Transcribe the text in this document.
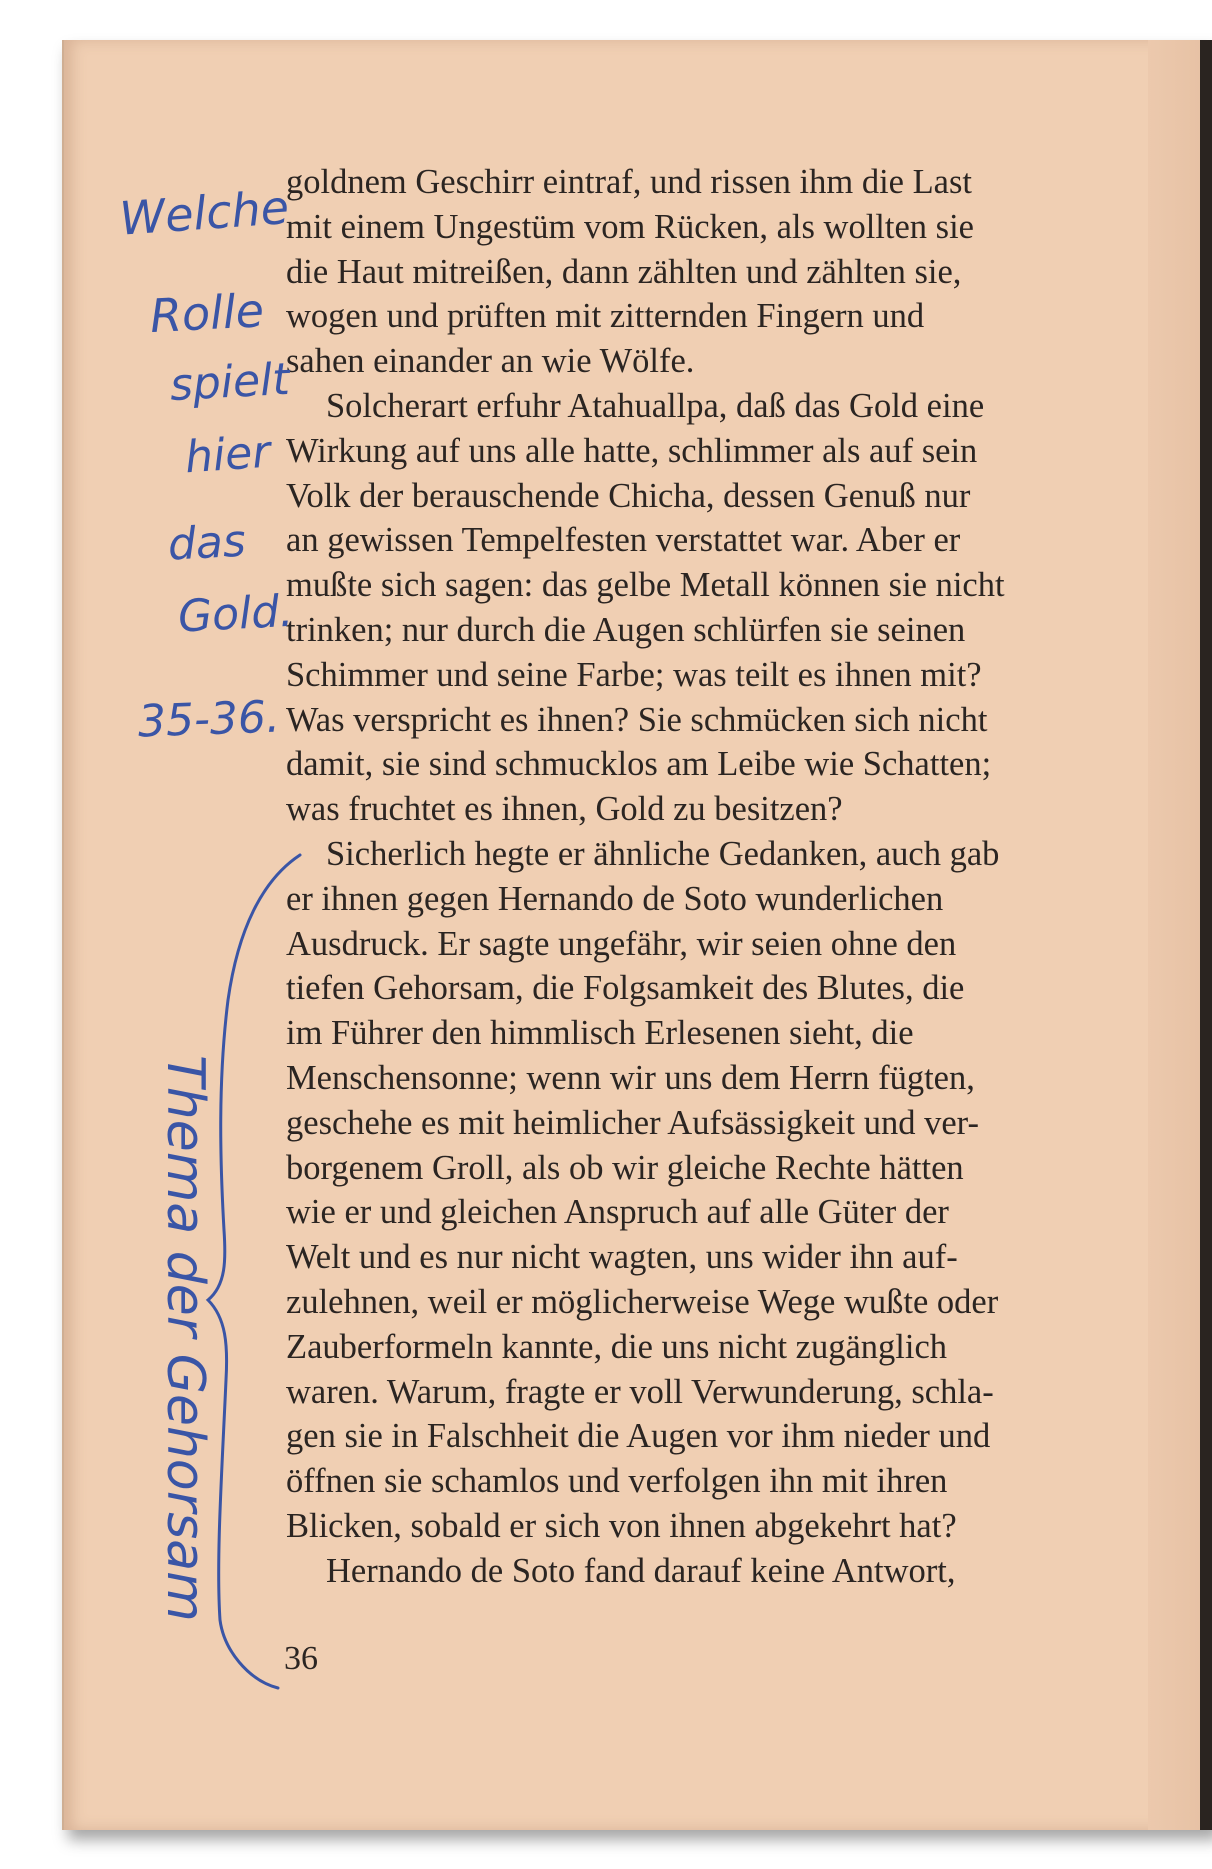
goldnem Geschirr eintraf, und rissen ihm die Last

mit einem Ungestüm vom Rücken, als wollten sie

die Haut mitreißen, dann zählten und zählten sie,

wogen und prüften mit zitternden Fingern und

sahen einander an wie Wölfe.

Solcherart erfuhr Atahuallpa, daß das Gold eine

Wirkung auf uns alle hatte, schlimmer als auf sein

Volk der berauschende Chicha, dessen Genuß nur

an gewissen Tempelfesten verstattet war. Aber er

mußte sich sagen: das gelbe Metall können sie nicht

trinken; nur durch die Augen schlürfen sie seinen

Schimmer und seine Farbe; was teilt es ihnen mit?

Was verspricht es ihnen? Sie schmücken sich nicht

damit, sie sind schmucklos am Leibe wie Schatten;

was fruchtet es ihnen, Gold zu besitzen?

Sicherlich hegte er ähnliche Gedanken, auch gab

er ihnen gegen Hernando de Soto wunderlichen

Ausdruck. Er sagte ungefähr, wir seien ohne den

tiefen Gehorsam, die Folgsamkeit des Blutes, die

im Führer den himmlisch Erlesenen sieht, die

Menschensonne; wenn wir uns dem Herrn fügten,

geschehe es mit heimlicher Aufsässigkeit und ver-

borgenem Groll, als ob wir gleiche Rechte hätten

wie er und gleichen Anspruch auf alle Güter der

Welt und es nur nicht wagten, uns wider ihn auf-

zulehnen, weil er möglicherweise Wege wußte oder

Zauberformeln kannte, die uns nicht zugänglich

waren. Warum, fragte er voll Verwunderung, schla-

gen sie in Falschheit die Augen vor ihm nieder und

öffnen sie schamlos und verfolgen ihn mit ihren

Blicken, sobald er sich von ihnen abgekehrt hat?

Hernando de Soto fand darauf keine Antwort,

36
Welche
Rolle
spielt
hier
das
Gold.
35-36.
Thema der Gehorsam
